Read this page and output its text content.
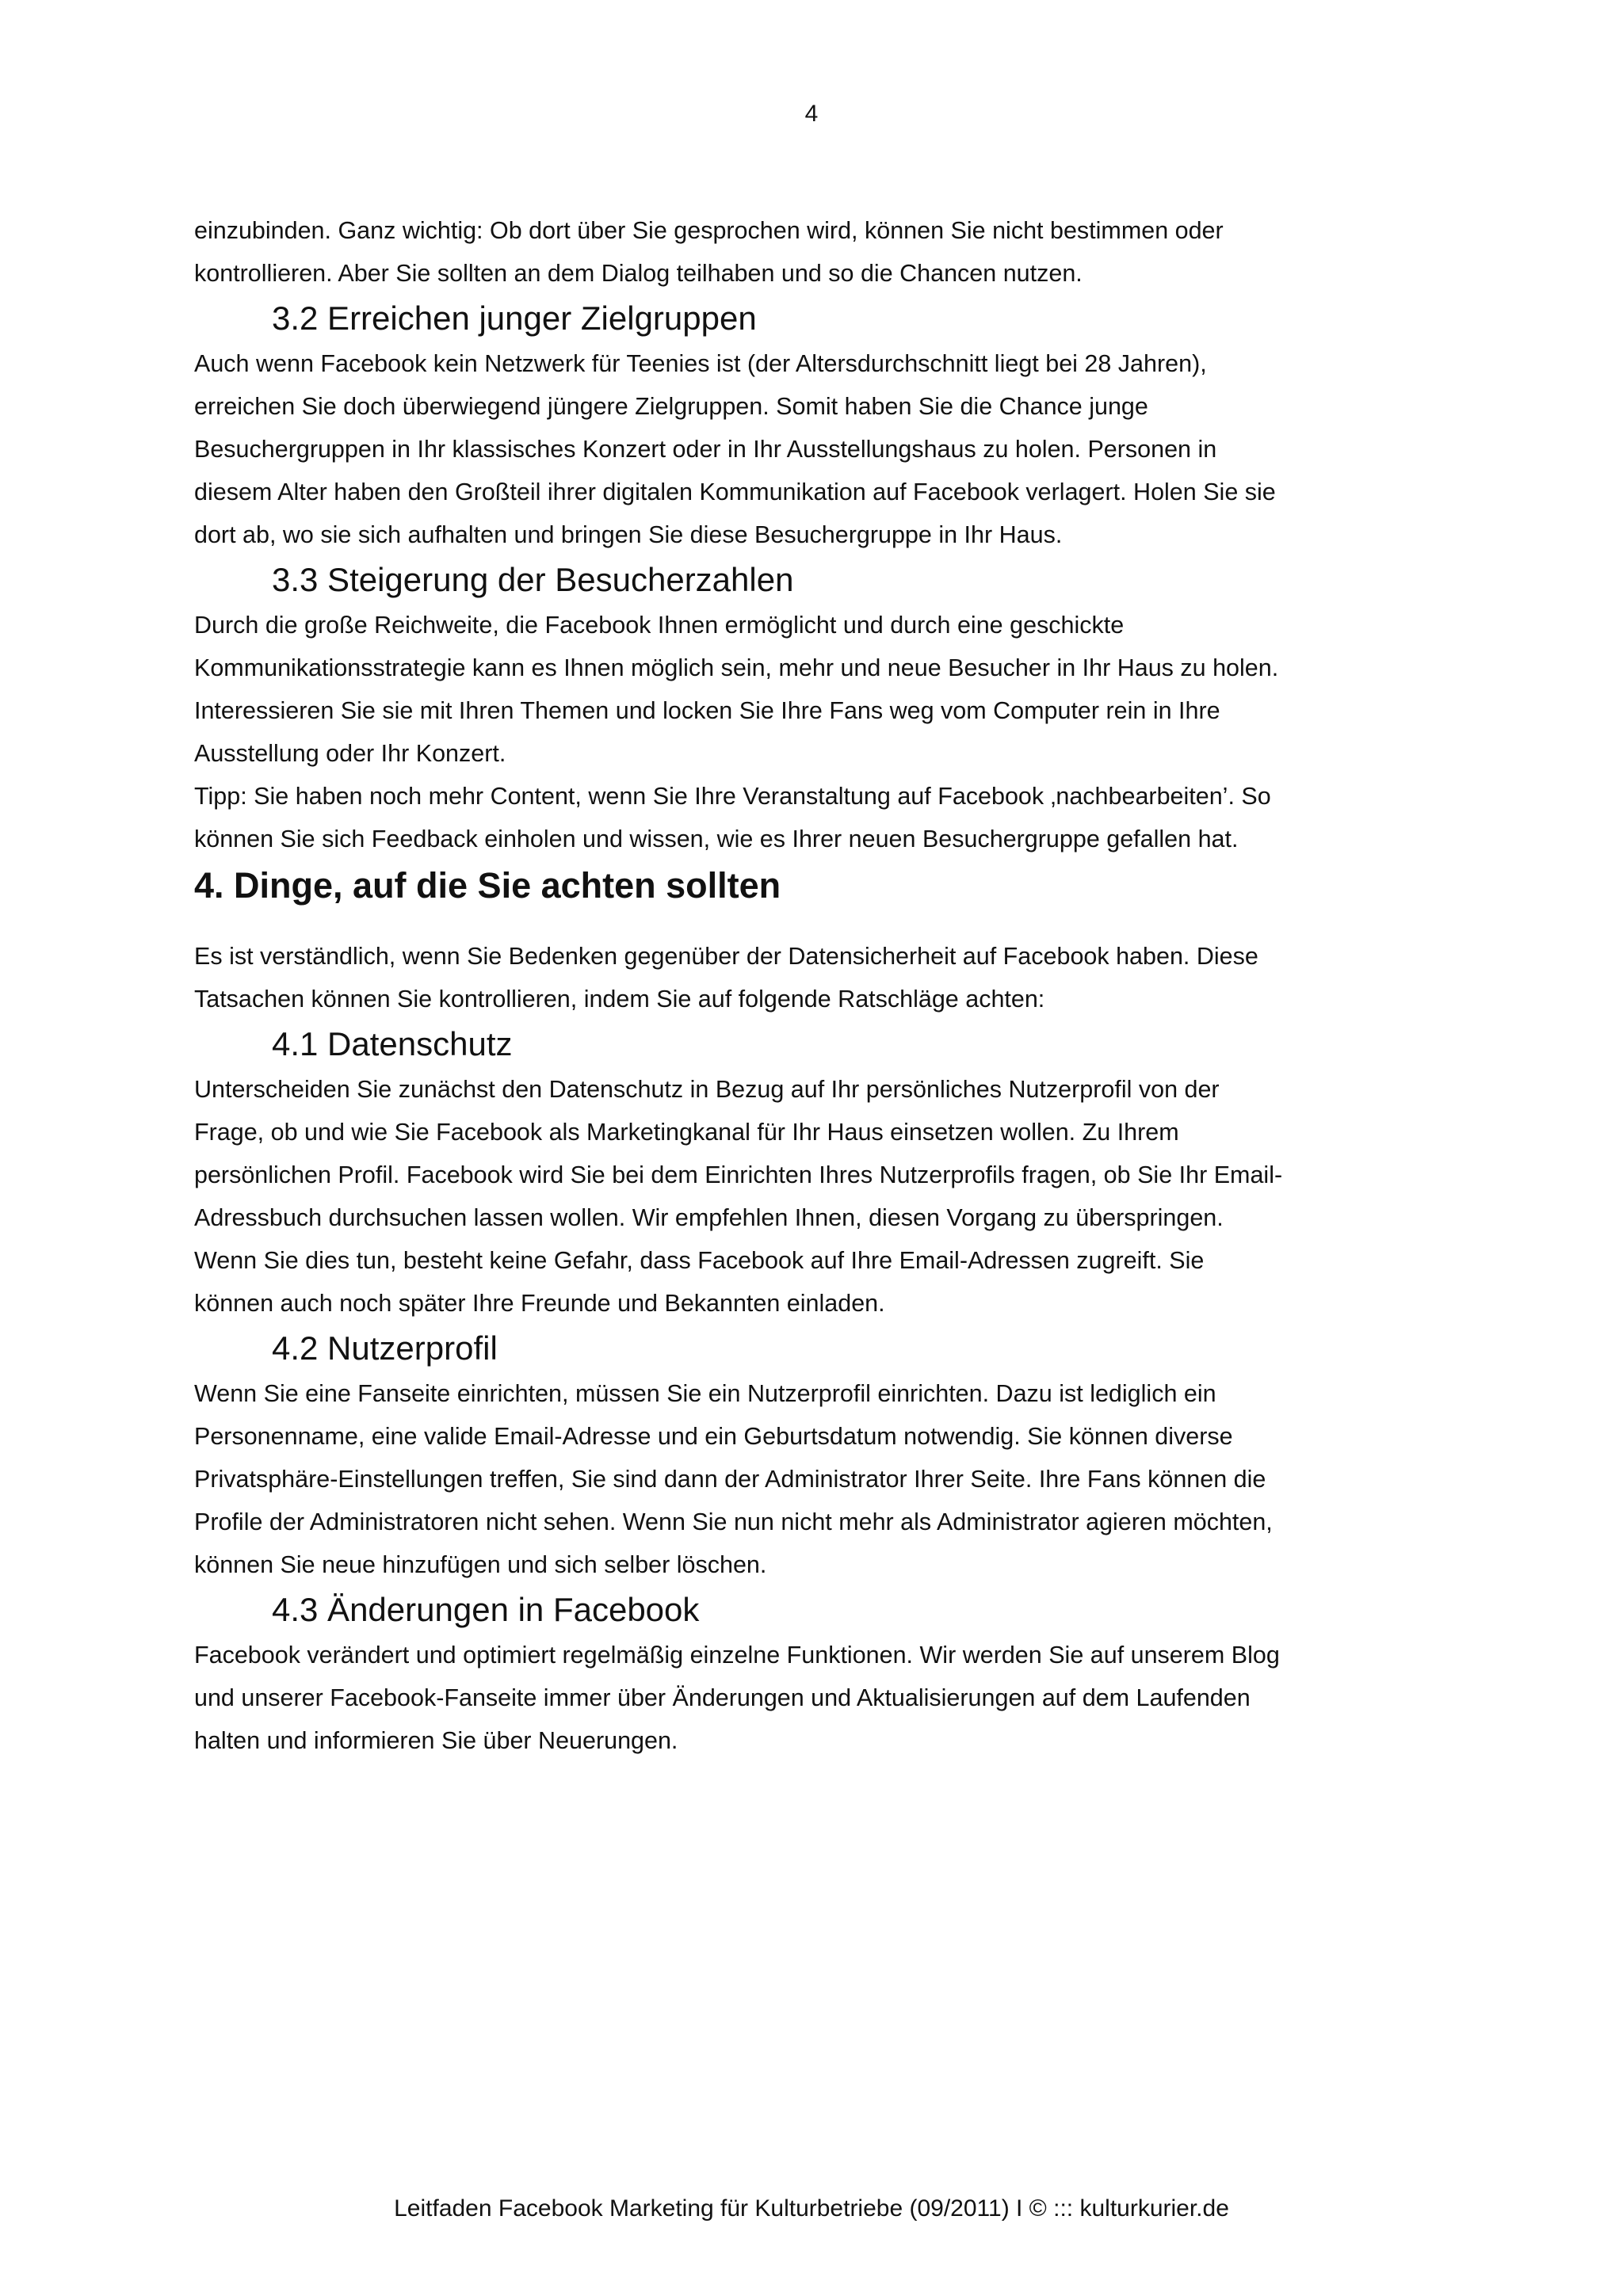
4

einzubinden. Ganz wichtig: Ob dort über Sie gesprochen wird, können Sie nicht bestimmen oder

kontrollieren. Aber Sie sollten an dem Dialog teilhaben und so die Chancen nutzen.

3.2 Erreichen junger Zielgruppen

Auch wenn Facebook kein Netzwerk für Teenies ist (der Altersdurchschnitt liegt bei 28 Jahren),

erreichen Sie doch überwiegend jüngere Zielgruppen. Somit haben Sie die Chance junge

Besuchergruppen in Ihr klassisches Konzert oder in Ihr Ausstellungshaus zu holen. Personen in

diesem Alter haben den Großteil ihrer digitalen Kommunikation auf Facebook verlagert. Holen Sie sie

dort ab, wo sie sich aufhalten und bringen Sie diese Besuchergruppe in Ihr Haus.

3.3 Steigerung der Besucherzahlen

Durch die große Reichweite, die Facebook Ihnen ermöglicht und durch eine geschickte

Kommunikationsstrategie kann es Ihnen möglich sein, mehr und neue Besucher in Ihr Haus zu holen.

Interessieren Sie sie mit Ihren Themen und locken Sie Ihre Fans weg vom Computer rein in Ihre

Ausstellung oder Ihr Konzert.

Tipp: Sie haben noch mehr Content, wenn Sie Ihre Veranstaltung auf Facebook ‚nachbearbeiten’. So

können Sie sich Feedback einholen und wissen, wie es Ihrer neuen Besuchergruppe gefallen hat.

4. Dinge, auf die Sie achten sollten

Es ist verständlich, wenn Sie Bedenken gegenüber der Datensicherheit auf Facebook haben. Diese

Tatsachen können Sie kontrollieren, indem Sie auf folgende Ratschläge achten:

4.1 Datenschutz

Unterscheiden Sie zunächst den Datenschutz in Bezug auf Ihr persönliches Nutzerprofil von der

Frage, ob und wie Sie Facebook als Marketingkanal für Ihr Haus einsetzen wollen. Zu Ihrem

persönlichen Profil. Facebook wird Sie bei dem Einrichten Ihres Nutzerprofils fragen, ob Sie Ihr Email-

Adressbuch durchsuchen lassen wollen. Wir empfehlen Ihnen, diesen Vorgang zu überspringen.

Wenn Sie dies tun, besteht keine Gefahr, dass Facebook auf Ihre Email-Adressen zugreift. Sie

können auch noch später Ihre Freunde und Bekannten einladen.

4.2 Nutzerprofil

Wenn Sie eine Fanseite einrichten, müssen Sie ein Nutzerprofil einrichten. Dazu ist lediglich ein

Personenname, eine valide Email-Adresse und ein Geburtsdatum notwendig. Sie können diverse

Privatsphäre-Einstellungen treffen, Sie sind dann der Administrator Ihrer Seite. Ihre Fans können die

Profile der Administratoren nicht sehen. Wenn Sie nun nicht mehr als Administrator agieren möchten,

können Sie neue hinzufügen und sich selber löschen.

4.3 Änderungen in Facebook

Facebook verändert und optimiert regelmäßig einzelne Funktionen. Wir werden Sie auf unserem Blog

und unserer Facebook-Fanseite immer über Änderungen und Aktualisierungen auf dem Laufenden

halten und informieren Sie über Neuerungen.

Leitfaden Facebook Marketing für Kulturbetriebe (09/2011) I © ::: kulturkurier.de
